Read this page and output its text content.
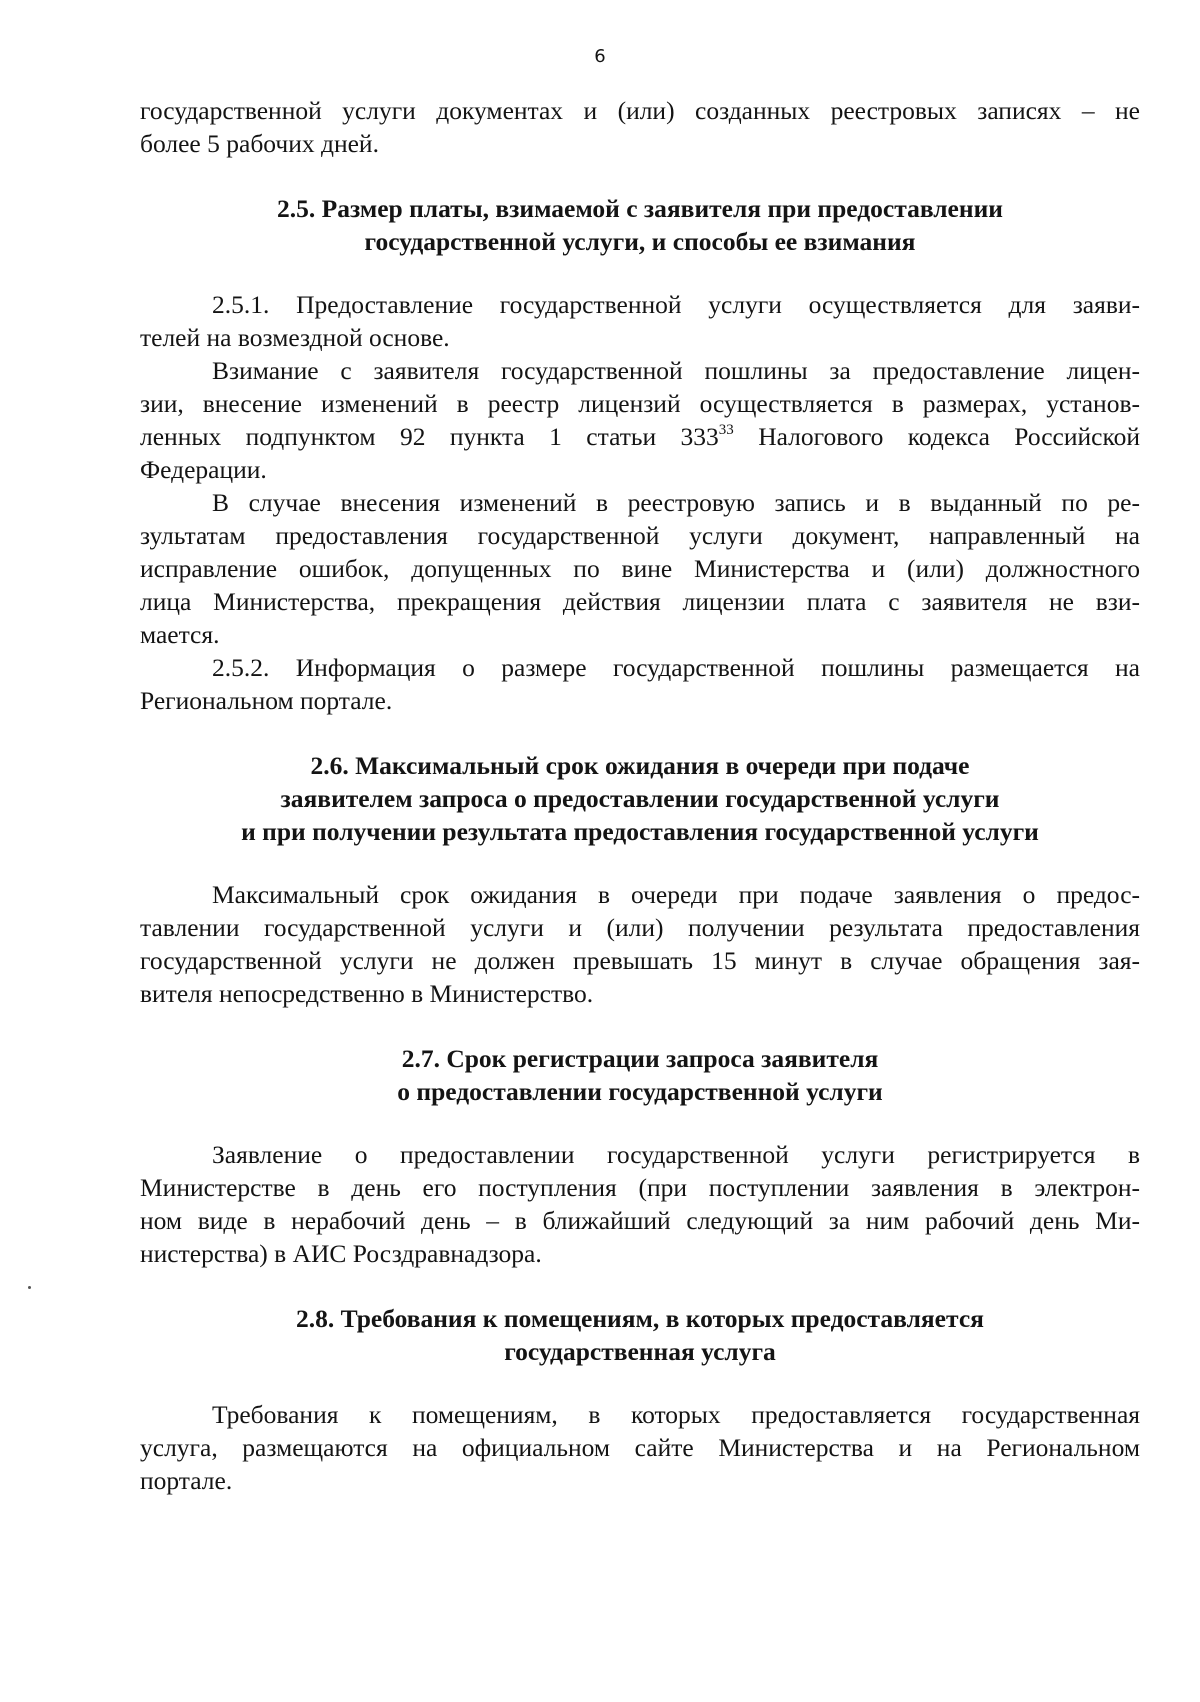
6

государственной услуги документах и (или) созданных реестровых записях – не

более 5 рабочих дней.

2.5. Размер платы, взимаемой с заявителя при предоставлении
государственной услуги, и способы ее взимания

2.5.1. Предоставление государственной услуги осуществляется для заяви-

телей на возмездной основе.

Взимание с заявителя государственной пошлины за предоставление лицен-

зии, внесение изменений в реестр лицензий осуществляется в размерах, установ-

ленных подпунктом 92 пункта 1 статьи $333^{33}$ Налогового кодекса Российской

Федерации.

В случае внесения изменений в реестровую запись и в выданный по ре-

зультатам предоставления государственной услуги документ, направленный на

исправление ошибок, допущенных по вине Министерства и (или) должностного

лица Министерства, прекращения действия лицензии плата с заявителя не взи-

мается.

2.5.2. Информация о размере государственной пошлины размещается на

Региональном портале.

2.6. Максимальный срок ожидания в очереди при подаче
заявителем запроса о предоставлении государственной услуги
и при получении результата предоставления государственной услуги

Максимальный срок ожидания в очереди при подаче заявления о предос-

тавлении государственной услуги и (или) получении результата предоставления

государственной услуги не должен превышать 15 минут в случае обращения зая-

вителя непосредственно в Министерство.

2.7. Срок регистрации запроса заявителя
о предоставлении государственной услуги

Заявление о предоставлении государственной услуги регистрируется в

Министерстве в день его поступления (при поступлении заявления в электрон-

ном виде в нерабочий день – в ближайший следующий за ним рабочий день Ми-

нистерства) в АИС Росздравнадзора.

2.8. Требования к помещениям, в которых предоставляется
государственная услуга

Требования к помещениям, в которых предоставляется государственная

услуга, размещаются на официальном сайте Министерства и на Региональном

портале.
